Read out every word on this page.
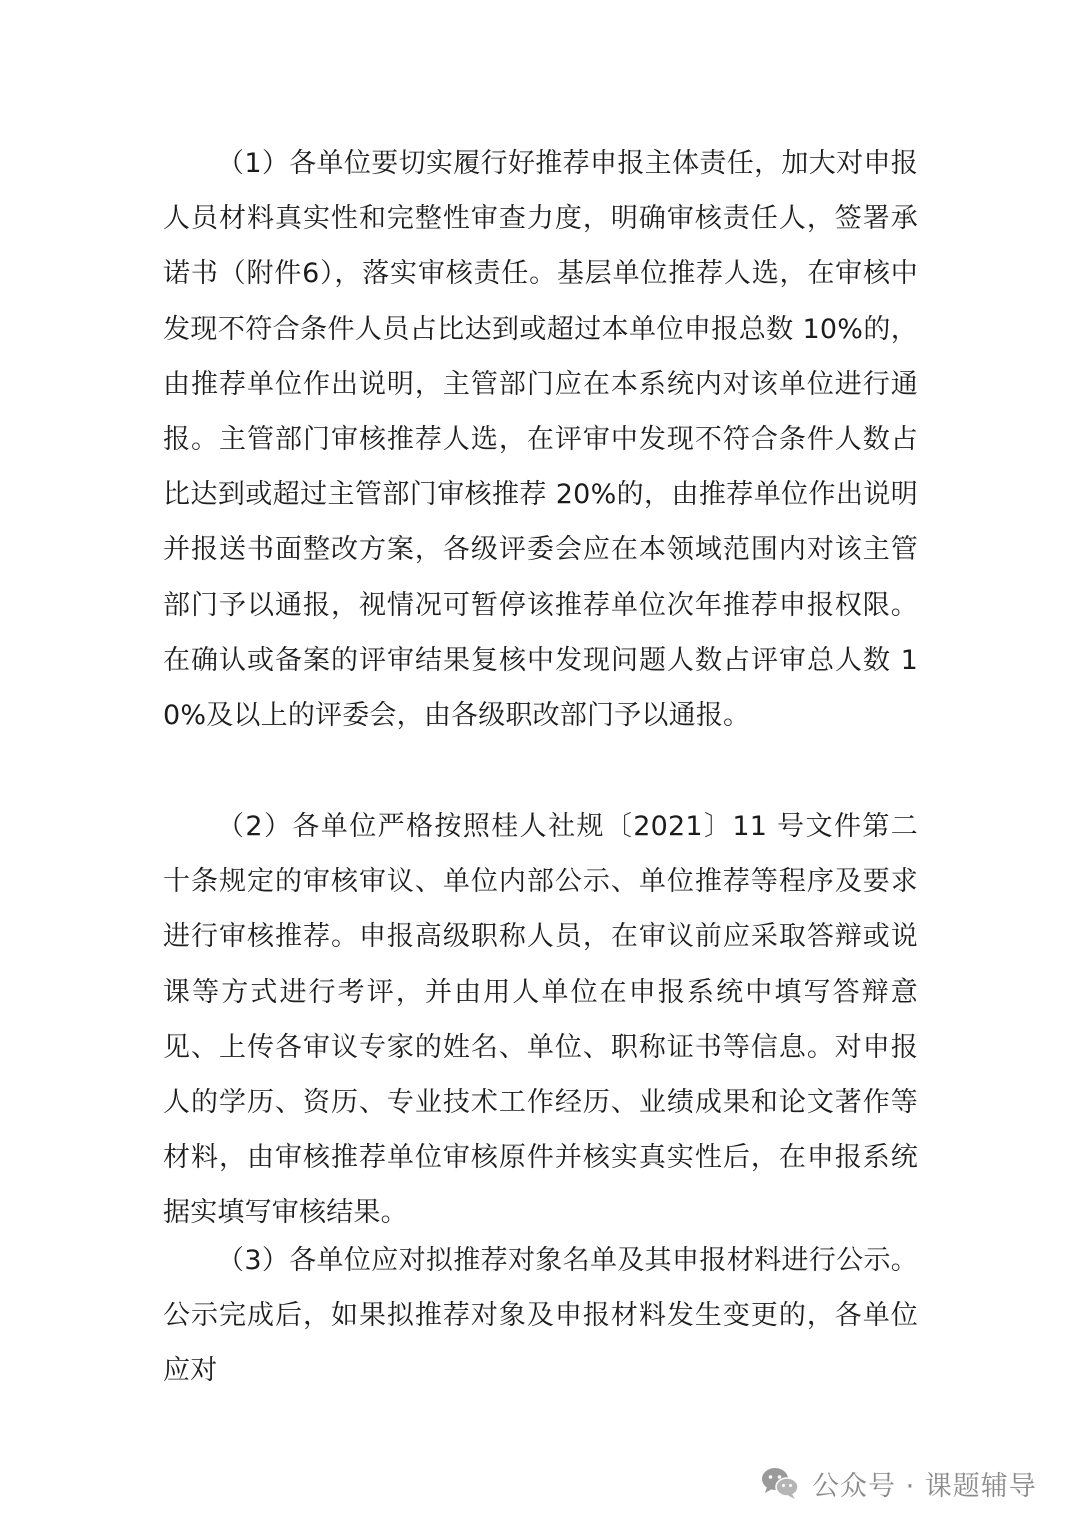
（1）各单位要切实履行好推荐申报主体责任，加大对申报人员材料真实性和完整性审查力度，明确审核责任人，签署承诺书（附件6），落实审核责任。基层单位推荐人选，在审核中发现不符合条件人员占比达到或超过本单位申报总数 10%的，由推荐单位作出说明，主管部门应在本系统内对该单位进行通报。主管部门审核推荐人选，在评审中发现不符合条件人数占比达到或超过主管部门审核推荐 20%的，由推荐单位作出说明并报送书面整改方案，各级评委会应在本领域范围内对该主管部门予以通报，视情况可暂停该推荐单位次年推荐申报权限。在确认或备案的评审结果复核中发现问题人数占评审总人数 10%及以上的评委会，由各级职改部门予以通报。

（2）各单位严格按照桂人社规〔2021〕11 号文件第二十条规定的审核审议、单位内部公示、单位推荐等程序及要求进行审核推荐。申报高级职称人员，在审议前应采取答辩或说课等方式进行考评，并由用人单位在申报系统中填写答辩意见、上传各审议专家的姓名、单位、职称证书等信息。对申报人的学历、资历、专业技术工作经历、业绩成果和论文著作等材料，由审核推荐单位审核原件并核实真实性后，在申报系统据实填写审核结果。

（3）各单位应对拟推荐对象名单及其申报材料进行公示。公示完成后，如果拟推荐对象及申报材料发生变更的，各单位应对

公众号 · 课题辅导
